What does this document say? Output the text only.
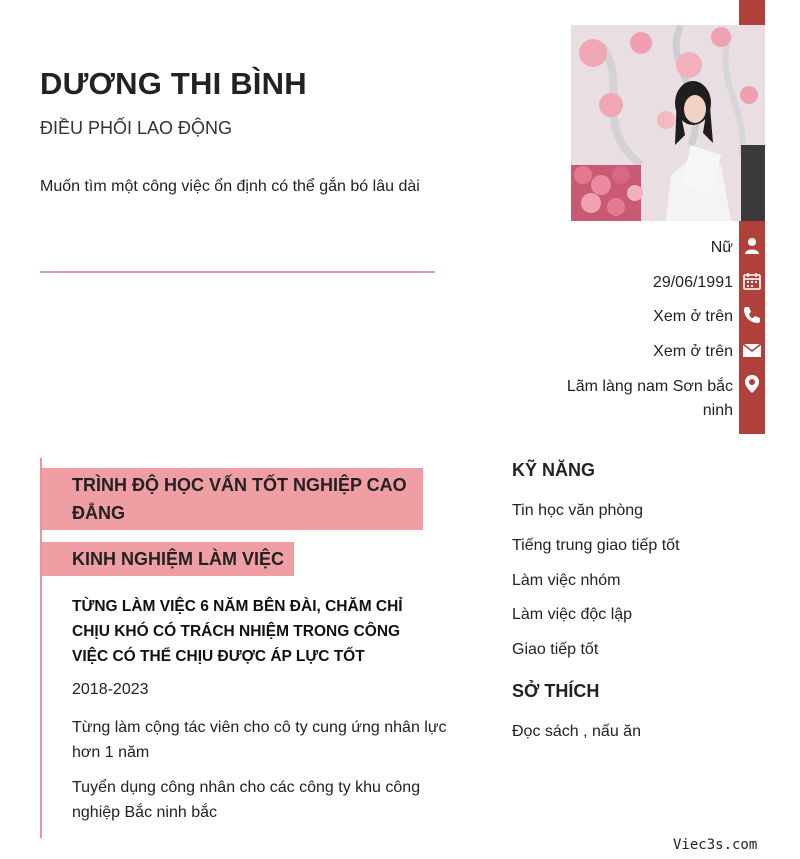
DƯƠNG THI BÌNH
ĐIỀU PHỐI LAO ĐỘNG
Muốn tìm một công việc ổn định có thể gắn bó lâu dài
Nữ
29/06/1991
Xem ở trên
Xem ở trên
Lãm làng nam Sơn bắc ninh
TRÌNH ĐỘ HỌC VẤN TỐT NGHIỆP CAO ĐẲNG
KINH NGHIỆM LÀM VIỆC
TỪNG LÀM VIỆC 6 NĂM BÊN ĐÀI, CHĂM CHỈ CHỊU KHÓ CÓ TRÁCH NHIỆM TRONG CÔNG VIỆC CÓ THỂ CHỊU ĐƯỢC ÁP LỰC TỐT
2018-2023
Từng làm cộng tác viên cho cô ty cung ứng nhân lực hơn 1 năm
Tuyển dụng công nhân cho các công ty khu công nghiệp Bắc ninh bắc
KỸ NĂNG
Tin học văn phòng
Tiếng trung giao tiếp tốt
Làm việc nhóm
Làm việc độc lập
Giao tiếp tốt
SỞ THÍCH
Đọc sách , nấu ăn
Viec3s.com
